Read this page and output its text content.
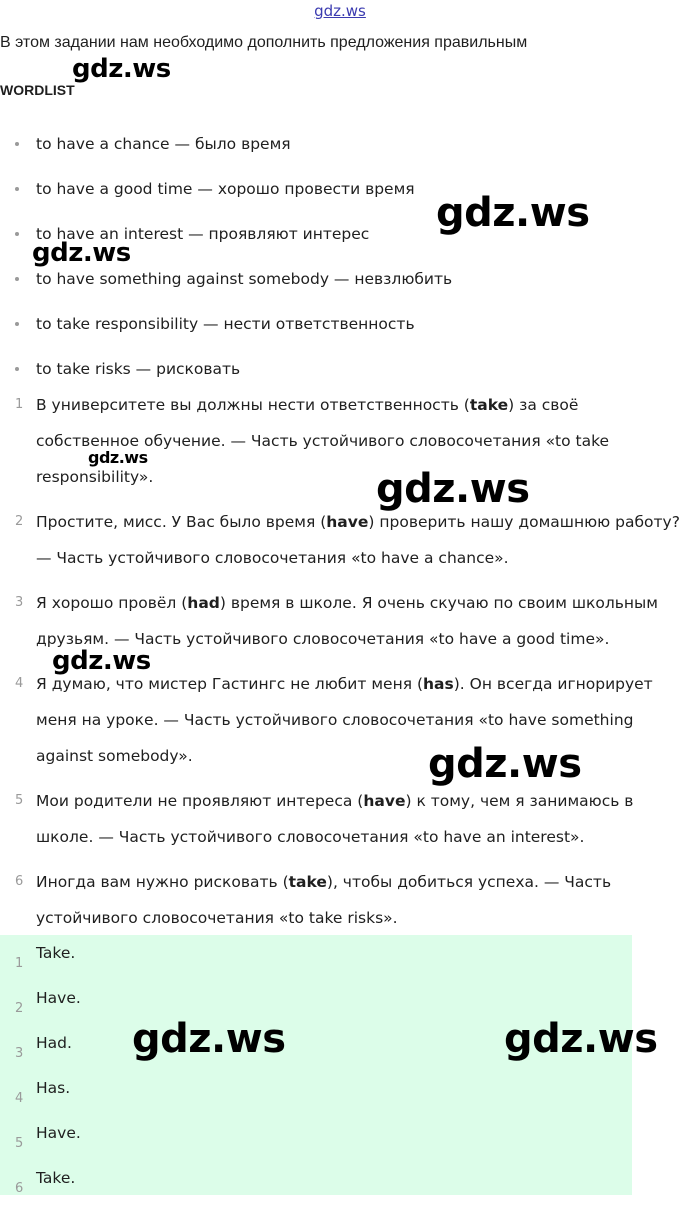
gdz.ws
В этом задании нам необходимо дополнить предложения правильным
WORDLIST
to have a chance — было время
to have a good time — хорошо провести время
to have an interest — проявляют интерес
to have something against somebody — невзлюбить
to take responsibility — нести ответственность
to take risks — рисковать
1 В университете вы должны нести ответственность (take) за своё собственное обучение. — Часть устойчивого словосочетания «to take responsibility».
2 Простите, мисс. У Вас было время (have) проверить нашу домашнюю работу? — Часть устойчивого словосочетания «to have a chance».
3 Я хорошо провёл (had) время в школе. Я очень скучаю по своим школьным друзьям. — Часть устойчивого словосочетания «to have a good time».
4 Я думаю, что мистер Гастингс не любит меня (has). Он всегда игнорирует меня на уроке. — Часть устойчивого словосочетания «to have something against somebody».
5 Мои родители не проявляют интереса (have) к тому, чем я занимаюсь в школе. — Часть устойчивого словосочетания «to have an interest».
6 Иногда вам нужно рисковать (take), чтобы добиться успеха. — Часть устойчивого словосочетания «to take risks».
1
Take.
2
Have.
3
Had.
4
Has.
5
Have.
6
Take.
gdz.ws
gdz.ws
gdz.ws
gdz.ws
gdz.ws
gdz.ws
gdz.ws
gdz.ws	gdz.ws
